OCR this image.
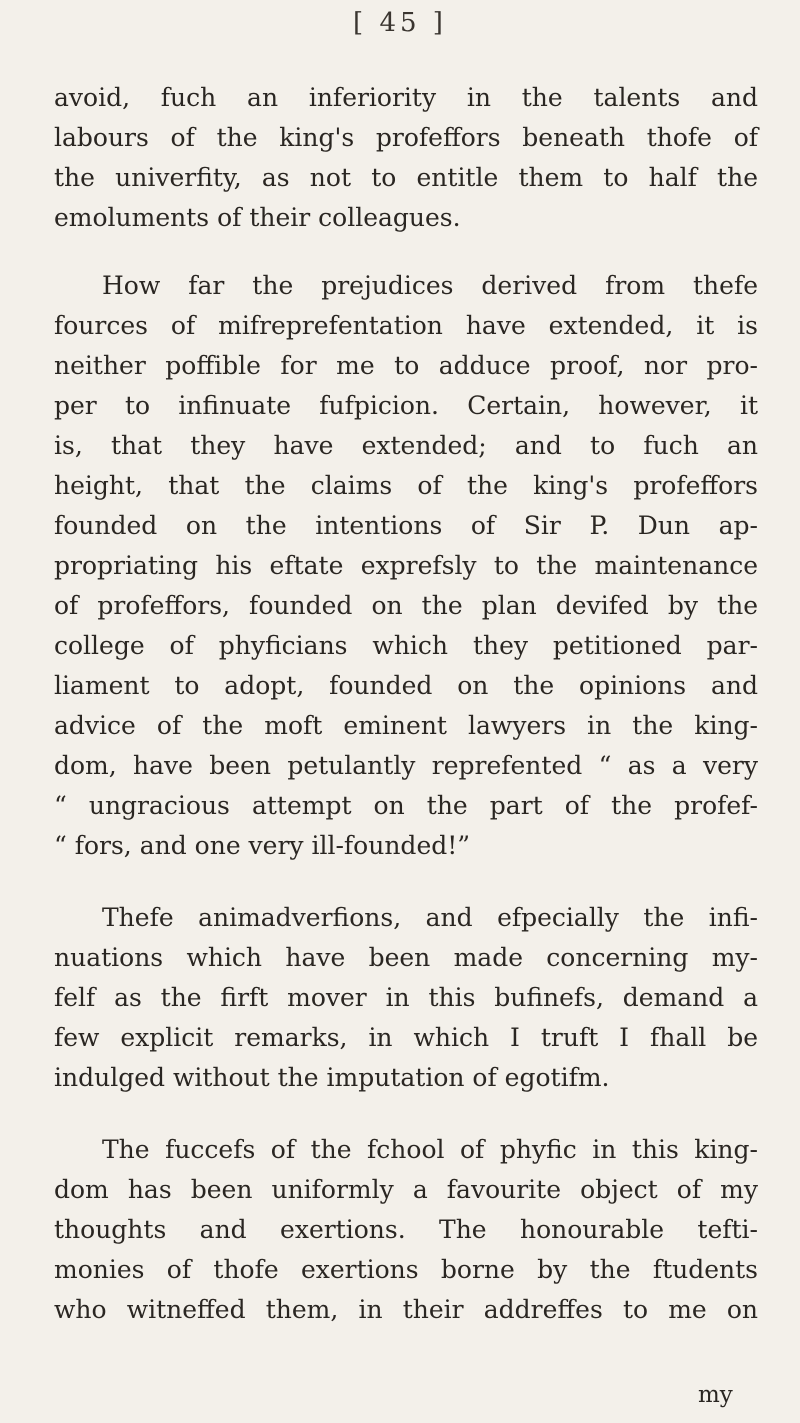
[ 45 ]
avoid, fuch an inferiority in the talents and
labours of the king's profeffors beneath thofe of
the univerfity, as not to entitle them to half the
emoluments of their colleagues.
How far the prejudices derived from thefe
fources of mifreprefentation have extended, it is
neither poffible for me to adduce proof, nor pro-
per to infinuate fufpicion. Certain, however, it
is, that they have extended; and to fuch an
height, that the claims of the king's profeffors
founded on the intentions of Sir P. Dun ap-
propriating his eftate exprefsly to the maintenance
of profeffors, founded on the plan devifed by the
college of phyficians which they petitioned par-
liament to adopt, founded on the opinions and
advice of the moft eminent lawyers in the king-
dom, have been petulantly reprefented “ as a very
“ ungracious attempt on the part of the profef-
“ fors, and one very ill-founded!”
Thefe animadverfions, and efpecially the infi-
nuations which have been made concerning my-
felf as the firft mover in this bufinefs, demand a
few explicit remarks, in which I truft I fhall be
indulged without the imputation of egotifm.
The fuccefs of the fchool of phyfic in this king-
dom has been uniformly a favourite object of my
thoughts and exertions. The honourable tefti-
monies of thofe exertions borne by the ftudents
who witneffed them, in their addreffes to me on
my
